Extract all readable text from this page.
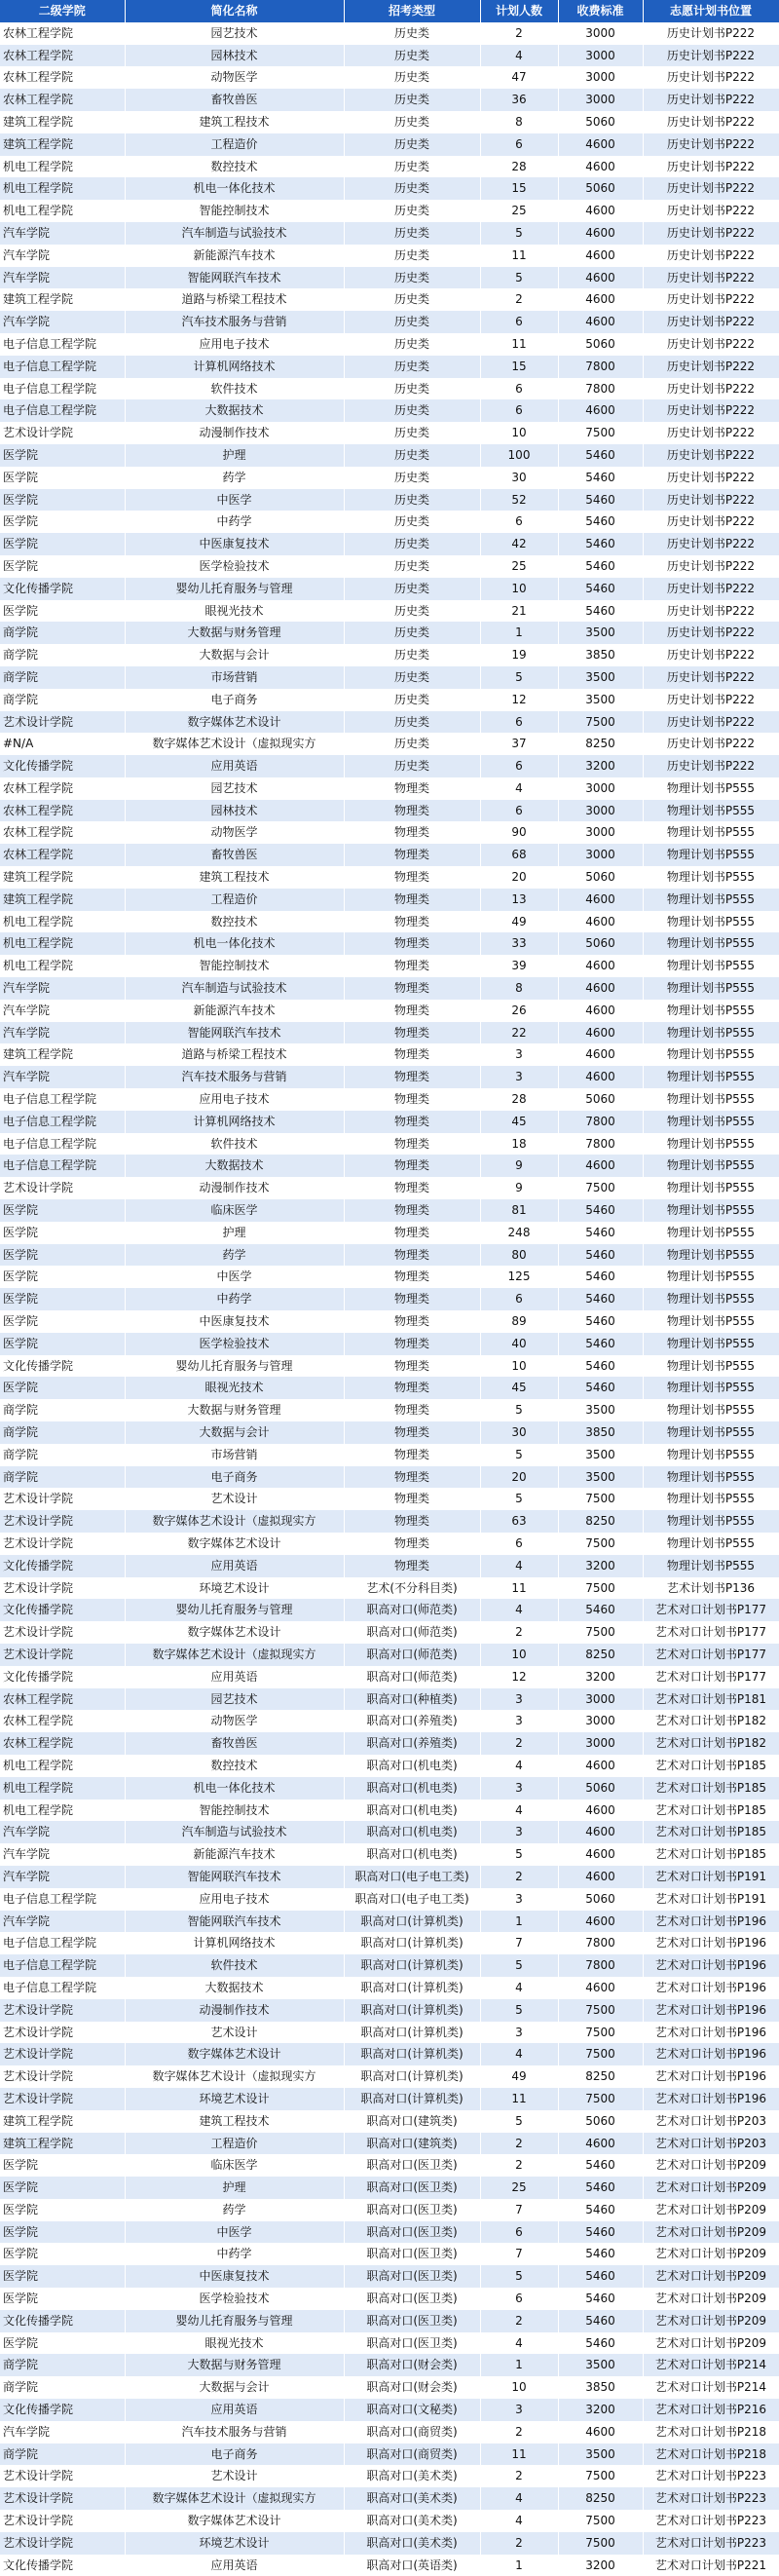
二级学院	简化名称	招考类型	计划人数	收费标准	志愿计划书位置
农林工程学院	园艺技术	历史类	2	3000	历史计划书P222
农林工程学院	园林技术	历史类	4	3000	历史计划书P222
农林工程学院	动物医学	历史类	47	3000	历史计划书P222
农林工程学院	畜牧兽医	历史类	36	3000	历史计划书P222
建筑工程学院	建筑工程技术	历史类	8	5060	历史计划书P222
建筑工程学院	工程造价	历史类	6	4600	历史计划书P222
机电工程学院	数控技术	历史类	28	4600	历史计划书P222
机电工程学院	机电一体化技术	历史类	15	5060	历史计划书P222
机电工程学院	智能控制技术	历史类	25	4600	历史计划书P222
汽车学院	汽车制造与试验技术	历史类	5	4600	历史计划书P222
汽车学院	新能源汽车技术	历史类	11	4600	历史计划书P222
汽车学院	智能网联汽车技术	历史类	5	4600	历史计划书P222
建筑工程学院	道路与桥梁工程技术	历史类	2	4600	历史计划书P222
汽车学院	汽车技术服务与营销	历史类	6	4600	历史计划书P222
电子信息工程学院	应用电子技术	历史类	11	5060	历史计划书P222
电子信息工程学院	计算机网络技术	历史类	15	7800	历史计划书P222
电子信息工程学院	软件技术	历史类	6	7800	历史计划书P222
电子信息工程学院	大数据技术	历史类	6	4600	历史计划书P222
艺术设计学院	动漫制作技术	历史类	10	7500	历史计划书P222
医学院	护理	历史类	100	5460	历史计划书P222
医学院	药学	历史类	30	5460	历史计划书P222
医学院	中医学	历史类	52	5460	历史计划书P222
医学院	中药学	历史类	6	5460	历史计划书P222
医学院	中医康复技术	历史类	42	5460	历史计划书P222
医学院	医学检验技术	历史类	25	5460	历史计划书P222
文化传播学院	婴幼儿托育服务与管理	历史类	10	5460	历史计划书P222
医学院	眼视光技术	历史类	21	5460	历史计划书P222
商学院	大数据与财务管理	历史类	1	3500	历史计划书P222
商学院	大数据与会计	历史类	19	3850	历史计划书P222
商学院	市场营销	历史类	5	3500	历史计划书P222
商学院	电子商务	历史类	12	3500	历史计划书P222
艺术设计学院	数字媒体艺术设计	历史类	6	7500	历史计划书P222
#N/A	数字媒体艺术设计（虚拟现实方	历史类	37	8250	历史计划书P222
文化传播学院	应用英语	历史类	6	3200	历史计划书P222
农林工程学院	园艺技术	物理类	4	3000	物理计划书P555
农林工程学院	园林技术	物理类	6	3000	物理计划书P555
农林工程学院	动物医学	物理类	90	3000	物理计划书P555
农林工程学院	畜牧兽医	物理类	68	3000	物理计划书P555
建筑工程学院	建筑工程技术	物理类	20	5060	物理计划书P555
建筑工程学院	工程造价	物理类	13	4600	物理计划书P555
机电工程学院	数控技术	物理类	49	4600	物理计划书P555
机电工程学院	机电一体化技术	物理类	33	5060	物理计划书P555
机电工程学院	智能控制技术	物理类	39	4600	物理计划书P555
汽车学院	汽车制造与试验技术	物理类	8	4600	物理计划书P555
汽车学院	新能源汽车技术	物理类	26	4600	物理计划书P555
汽车学院	智能网联汽车技术	物理类	22	4600	物理计划书P555
建筑工程学院	道路与桥梁工程技术	物理类	3	4600	物理计划书P555
汽车学院	汽车技术服务与营销	物理类	3	4600	物理计划书P555
电子信息工程学院	应用电子技术	物理类	28	5060	物理计划书P555
电子信息工程学院	计算机网络技术	物理类	45	7800	物理计划书P555
电子信息工程学院	软件技术	物理类	18	7800	物理计划书P555
电子信息工程学院	大数据技术	物理类	9	4600	物理计划书P555
艺术设计学院	动漫制作技术	物理类	9	7500	物理计划书P555
医学院	临床医学	物理类	81	5460	物理计划书P555
医学院	护理	物理类	248	5460	物理计划书P555
医学院	药学	物理类	80	5460	物理计划书P555
医学院	中医学	物理类	125	5460	物理计划书P555
医学院	中药学	物理类	6	5460	物理计划书P555
医学院	中医康复技术	物理类	89	5460	物理计划书P555
医学院	医学检验技术	物理类	40	5460	物理计划书P555
文化传播学院	婴幼儿托育服务与管理	物理类	10	5460	物理计划书P555
医学院	眼视光技术	物理类	45	5460	物理计划书P555
商学院	大数据与财务管理	物理类	5	3500	物理计划书P555
商学院	大数据与会计	物理类	30	3850	物理计划书P555
商学院	市场营销	物理类	5	3500	物理计划书P555
商学院	电子商务	物理类	20	3500	物理计划书P555
艺术设计学院	艺术设计	物理类	5	7500	物理计划书P555
艺术设计学院	数字媒体艺术设计（虚拟现实方	物理类	63	8250	物理计划书P555
艺术设计学院	数字媒体艺术设计	物理类	6	7500	物理计划书P555
文化传播学院	应用英语	物理类	4	3200	物理计划书P555
艺术设计学院	环境艺术设计	艺术(不分科目类)	11	7500	艺术计划书P136
文化传播学院	婴幼儿托育服务与管理	职高对口(师范类)	4	5460	艺术对口计划书P177
艺术设计学院	数字媒体艺术设计	职高对口(师范类)	2	7500	艺术对口计划书P177
艺术设计学院	数字媒体艺术设计（虚拟现实方	职高对口(师范类)	10	8250	艺术对口计划书P177
文化传播学院	应用英语	职高对口(师范类)	12	3200	艺术对口计划书P177
农林工程学院	园艺技术	职高对口(种植类)	3	3000	艺术对口计划书P181
农林工程学院	动物医学	职高对口(养殖类)	3	3000	艺术对口计划书P182
农林工程学院	畜牧兽医	职高对口(养殖类)	2	3000	艺术对口计划书P182
机电工程学院	数控技术	职高对口(机电类)	4	4600	艺术对口计划书P185
机电工程学院	机电一体化技术	职高对口(机电类)	3	5060	艺术对口计划书P185
机电工程学院	智能控制技术	职高对口(机电类)	4	4600	艺术对口计划书P185
汽车学院	汽车制造与试验技术	职高对口(机电类)	3	4600	艺术对口计划书P185
汽车学院	新能源汽车技术	职高对口(机电类)	5	4600	艺术对口计划书P185
汽车学院	智能网联汽车技术	职高对口(电子电工类)	2	4600	艺术对口计划书P191
电子信息工程学院	应用电子技术	职高对口(电子电工类)	3	5060	艺术对口计划书P191
汽车学院	智能网联汽车技术	职高对口(计算机类)	1	4600	艺术对口计划书P196
电子信息工程学院	计算机网络技术	职高对口(计算机类)	7	7800	艺术对口计划书P196
电子信息工程学院	软件技术	职高对口(计算机类)	5	7800	艺术对口计划书P196
电子信息工程学院	大数据技术	职高对口(计算机类)	4	4600	艺术对口计划书P196
艺术设计学院	动漫制作技术	职高对口(计算机类)	5	7500	艺术对口计划书P196
艺术设计学院	艺术设计	职高对口(计算机类)	3	7500	艺术对口计划书P196
艺术设计学院	数字媒体艺术设计	职高对口(计算机类)	4	7500	艺术对口计划书P196
艺术设计学院	数字媒体艺术设计（虚拟现实方	职高对口(计算机类)	49	8250	艺术对口计划书P196
艺术设计学院	环境艺术设计	职高对口(计算机类)	11	7500	艺术对口计划书P196
建筑工程学院	建筑工程技术	职高对口(建筑类)	5	5060	艺术对口计划书P203
建筑工程学院	工程造价	职高对口(建筑类)	2	4600	艺术对口计划书P203
医学院	临床医学	职高对口(医卫类)	2	5460	艺术对口计划书P209
医学院	护理	职高对口(医卫类)	25	5460	艺术对口计划书P209
医学院	药学	职高对口(医卫类)	7	5460	艺术对口计划书P209
医学院	中医学	职高对口(医卫类)	6	5460	艺术对口计划书P209
医学院	中药学	职高对口(医卫类)	7	5460	艺术对口计划书P209
医学院	中医康复技术	职高对口(医卫类)	5	5460	艺术对口计划书P209
医学院	医学检验技术	职高对口(医卫类)	6	5460	艺术对口计划书P209
文化传播学院	婴幼儿托育服务与管理	职高对口(医卫类)	2	5460	艺术对口计划书P209
医学院	眼视光技术	职高对口(医卫类)	4	5460	艺术对口计划书P209
商学院	大数据与财务管理	职高对口(财会类)	1	3500	艺术对口计划书P214
商学院	大数据与会计	职高对口(财会类)	10	3850	艺术对口计划书P214
文化传播学院	应用英语	职高对口(文秘类)	3	3200	艺术对口计划书P216
汽车学院	汽车技术服务与营销	职高对口(商贸类)	2	4600	艺术对口计划书P218
商学院	电子商务	职高对口(商贸类)	11	3500	艺术对口计划书P218
艺术设计学院	艺术设计	职高对口(美术类)	2	7500	艺术对口计划书P223
艺术设计学院	数字媒体艺术设计（虚拟现实方	职高对口(美术类)	4	8250	艺术对口计划书P223
艺术设计学院	数字媒体艺术设计	职高对口(美术类)	4	7500	艺术对口计划书P223
艺术设计学院	环境艺术设计	职高对口(美术类)	2	7500	艺术对口计划书P223
文化传播学院	应用英语	职高对口(英语类)	1	3200	艺术对口计划书P221
